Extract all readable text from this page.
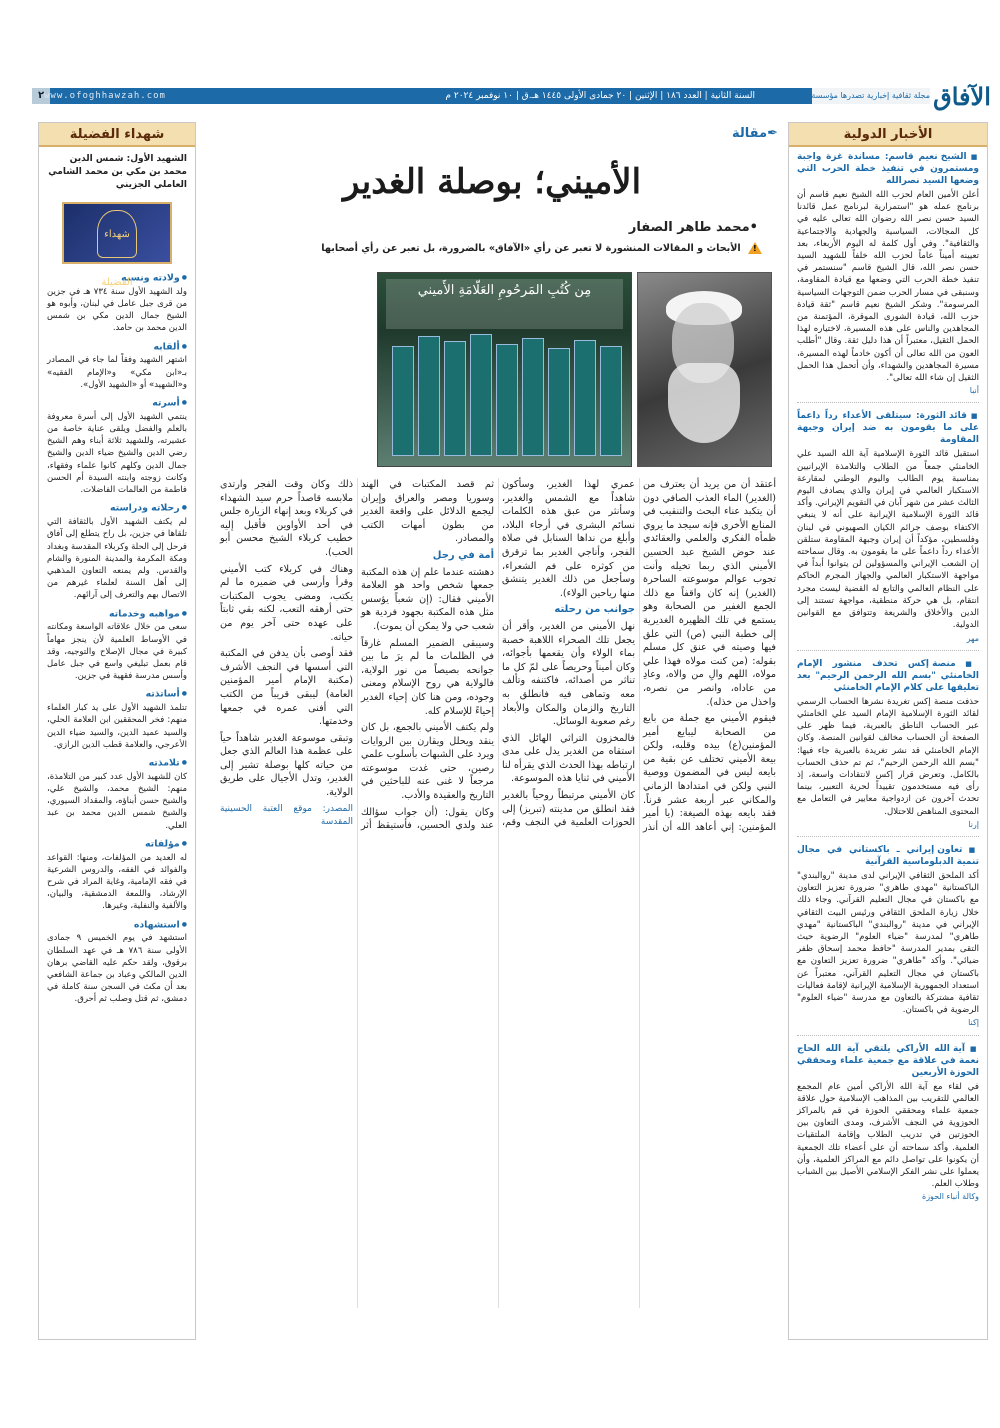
الآفاق
مجلة ثقافية إخبارية تصدرها مؤسسة الحوزة الدينية
السنة الثانية | العدد ١٨٦ | الإثنين | ٢٠ جمادى الأولى ١٤٤٥ هـ.ق | ١٠ نوفمبر ٢٠٢٤ م
٢ www.ofoghhawzah.com
الأخبار الدولية
■ الشيخ نعيم قاسم: مساندة غزة واجبة ومستمرون في تنفيذ خطة الحرب التي وضعها السيد نصرالله
أعلن الأمين العام لحزب الله الشيخ نعيم قاسم أن برنامج عمله هو "استمرارية لبرنامج عمل قائدنا السيد حسن نصر الله رضوان الله تعالى عليه في كل المجالات، السياسية والجهادية والاجتماعية والثقافية". وفي أول كلمة له اليوم الأربعاء، بعد تعيينه أميناً عاماً لحزب الله خلفاً للشهيد السيد حسن نصر الله، قال الشيخ قاسم "سنستمر في تنفيذ خطة الحرب التي وضعها مع قيادة المقاومة، وسنبقى في مسار الحرب ضمن التوجهات السياسية المرسومة". وشكر الشيخ نعيم قاسم "ثقة قيادة حزب الله، قيادة الشورى الموقرة، المؤتمنة من المجاهدين والناس على هذه المسيرة، لاختياره لهذا الحمل الثقيل، معتبراً أن هذا دليل ثقة. وقال "أطلب العون من الله تعالى أن أكون خادماً لهذه المسيرة، مسيرة المجاهدين والشهداء، وأن أتحمل هذا الحمل الثقيل إن شاء الله تعالى".
أنبا
■ قائد الثورة: سيتلقى الأعداء رداً داعماً على ما يقومون به ضد إيران وجبهة المقاومة
استقبل قائد الثورة الإسلامية آية الله السيد علي الخامنئي جمعاً من الطلاب والتلامذة الإيرانيين بمناسبة يوم الطالب واليوم الوطني لمقارعة الاستكبار العالمي في إيران والذي يصادف اليوم الثالث عشر من شهر آبان في التقويم الإيراني. وأكد قائد الثورة الإسلامية الإيرانية على أنه لا ينبغي الاكتفاء بوصف جرائم الكيان الصهيوني في لبنان وفلسطين، مؤكداً أن إيران وجبهة المقاومة ستلقن الأعداء رداً داعماً على ما يقومون به. وقال سماحته إن الشعب الإيراني والمسؤولين لن يتوانوا أبداً في مواجهة الاستكبار العالمي والجهاز المجرم الحاكم على النظام العالمي والتابع له القضية ليست مجرد انتقام، بل هي حركة منطقية، مواجهة تستند إلى الدين والأخلاق والشريعة وتتوافق مع القوانين الدولية.
مهر
■ منصة إكس تحذف منشور الإمام الخامنئي "بسم الله الرحمن الرحيم" بعد تعليقها على كلام الإمام الخامنئي
حذفت منصة إكس تغريدة نشرها الحساب الرسمي لقائد الثورة الإسلامية الإمام السيد علي الخامنئي عبر الحساب الناطق بالعبرية، فيما ظهر على الصفحة أن الحساب مخالف لقوانين المنصة. وكان الإمام الخامنئي قد نشر تغريدة بالعبرية جاء فيها: "بسم الله الرحمن الرحيم"، ثم تم حذف الحساب بالكامل. وتعرض قرار إكس لانتقادات واسعة، إذ رأى فيه مستخدمون تقييداً لحرية التعبير، بينما تحدث آخرون عن ازدواجية معايير في التعامل مع المحتوى المناهض للاحتلال.
إرنا
■ تعاون إيراني ـ باكستاني في مجال تنمية الدبلوماسية القرآنية
أكد الملحق الثقافي الإيراني لدى مدينة "روالبندي" الباكستانية "مهدي طاهري" ضرورة تعزيز التعاون مع باكستان في مجال التعليم القرآني. وجاء ذلك خلال زيارة الملحق الثقافي ورئيس البيت الثقافي الإيراني في مدينة "روالبندي" الباكستانية "مهدي طاهري" لمدرسة "ضياء العلوم" الرضوية حيث التقى بمدير المدرسة "حافظ محمد إسحاق ظفر ضيائي". وأكد "طاهري" ضرورة تعزيز التعاون مع باكستان في مجال التعليم القرآني، معتبراً عن استعداد الجمهورية الإسلامية الإيرانية لإقامة فعاليات ثقافية مشتركة بالتعاون مع مدرسة "ضياء العلوم" الرضوية في باكستان.
إكنا
■ آية الله الأراكي يلتقي آية الله الحاج نعمة في علاقة مع جمعية علماء ومحققي الحوزة الأربعين
في لقاء مع آية الله الأراكي أمين عام المجمع العالمي للتقريب بين المذاهب الإسلامية حول علاقة جمعية علماء ومحققي الحوزة في قم بالمراكز الحوزوية في النجف الأشرف، ومدى التعاون بين الحوزتين في تدريب الطلاب وإقامة الملتقيات العلمية. وأكد سماحته أن على أعضاء تلك الجمعية أن يكونوا على تواصل دائم مع المراكز العلمية، وأن يعملوا على نشر الفكر الإسلامي الأصيل بين الشباب وطلاب العلم.
وكالة أنباء الحوزة
✒مقالة
الأميني؛ بوصلة الغدير
•محمد طاهر الصفار
! الأبحاث و المقالات المنشورة لا تعبر عن رأي «الآفاق» بالضرورة، بل تعبر عن رأي أصحابها
مِن كُتُبِ المَرحُومِ العَلّامَةِ الأَميني

أعتقد أن من يريد أن يعترف من (الغدير) الماء العذب الصافي دون أن يتكبد عناء البحث والتنقيب في المنابع الأخرى فإنه سيجد ما يروي ظمأه الفكري والعلمي والعقائدي عند حوض الشيخ عبد الحسين الأميني الذي ربما تخيله وأنت تجوب عوالم موسوعته الساحرة (الغدير) إنه كان واقفاً مع ذلك الجمع الغفير من الصحابة وهو يستمع في تلك الظهيرة الغديرية إلى خطبة النبي (ص) التي علق فيها وصيته في عنق كل مسلم بقوله: (من كنت مولاه فهذا علي مولاه، اللهم والِ من والاه، وعادِ من عاداه، وانصر من نصره، واخذل من خذله).

فيقوم الأميني مع جملة من بايع من الصحابة ليبايع أمير المؤمنين(ع) بيده وقلبه، ولكن بيعة الأميني تختلف عن بقية من بايعه ليس في المضمون ووصية النبي ولكن في امتدادها الزماني والمكاني عبر أربعة عشر قرناً. فقد بايعه بهذه الصيغة: (يا أمير المؤمنين: إني أعاهد الله أن أنذر عمري لهذا الغدير، وسأكون شاهداً مع الشمس والغدير، وسأنثر من عبق هذه الكلمات نسائم البشرى في أرجاء البلاد، وأبلغ من نداها السنابل في صلاة الفجر، وأناجي الغدير بما ترقرق من كوثره على فم الشعراء، وسأجعل من ذلك الغدير يتنشق منها رياحين الولاء).

جوانب من رحلته

نهل الأميني من الغدير، وأقر أن يجعل تلك الصحراء اللاهبة خصبة بماء الولاء وأن يقعمها بأجوائه، وكان أميناً وحريصاً على لمّ كل ما تناثر من أصدائه، فاكتنفه وتألف معه وتماهى فيه فانطلق به التاريخ والزمان والمكان والأبعاد رغم صعوبة الوسائل.

فالمخزون التراثي الهائل الذي استقاه من الغدير يدل على مدى ارتباطه بهذا الحدث الذي يقرأه لنا الأميني في ثنايا هذه الموسوعة.

كان الأميني مرتبطاً روحياً بالغدير فقد انطلق من مدينته (تبريز) إلى الحوزات العلمية في النجف وقم، ثم قصد المكتبات في الهند وسوريا ومصر والعراق وإيران ليجمع الدلائل على واقعة الغدير من بطون أمهات الكتب والمصادر.

أمة في رجل

دهشته عندما علم إن هذه المكتبة جمعها شخص واحد هو العلامة الأميني فقال: (إن شعباً يؤسس مثل هذه المكتبة بجهود فردية هو شعب حي ولا يمكن أن يموت).

وسيبقى الضمير المسلم غارقاً في الظلمات ما لم يرَ ما بين جوانحه بصيصاً من نور الولاية، فالولاية هي روح الإسلام ومعنى وجوده، ومن هنا كان إحياء الغدير إحياءً للإسلام كله.

ولم يكتف الأميني بالجمع، بل كان ينقد ويحلل ويقارن بين الروايات ويرد على الشبهات بأسلوب علمي رصين، حتى غدت موسوعته مرجعاً لا غنى عنه للباحثين في التاريخ والعقيدة والأدب.

وكان يقول: (أن جواب سؤالك عند ولدي الحسين، فأستيقظ أثر ذلك وكان وقت الفجر وارتدى ملابسه قاصداً حرم سيد الشهداء في كربلاء وبعد إنهاء الزيارة جلس في أحد الأواوين فأقبل إليه خطيب كربلاء الشيخ محسن أبو الحب).

وهناك في كربلاء كتب الأميني وقرأ وأرسى في ضميره ما لم يكتب، ومضى يجوب المكتبات حتى أرهقه التعب، لكنه بقي ثابتاً على عهده حتى آخر يوم من حياته.

فقد أوصى بأن يدفن في المكتبة التي أسسها في النجف الأشرف (مكتبة الإمام أمير المؤمنين العامة) ليبقى قريباً من الكتب التي أفنى عمره في جمعها وخدمتها.

وتبقى موسوعة الغدير شاهداً حياً على عظمة هذا العالم الذي جعل من حياته كلها بوصلة تشير إلى الغدير، وتدل الأجيال على طريق الولاية.

المصدر: موقع العتبة الحسينية المقدسة

شهداء الفضيلة
الشهيد الأول: شمس الدين محمد بن مكي بن محمد الشامي العاملي الجزيني
شهداء الفضيلة
● ولادته ونسبه
ولد الشهيد الأول سنة ٧٣٤ هـ في جزين من قرى جبل عامل في لبنان، وأبوه هو الشيخ جمال الدين مكي بن شمس الدين محمد بن حامد.
● ألقابه
اشتهر الشهيد وفقاً لما جاء في المصادر بـ«ابن مكي» و«الإمام الفقيه» و«الشهيد» أو «الشهيد الأول».
● أسرته
ينتمي الشهيد الأول إلى أسرة معروفة بالعلم والفضل ويلقى عناية خاصة من عشيرته، وللشهيد ثلاثة أبناء وهم الشيخ رضي الدين والشيخ ضياء الدين والشيخ جمال الدين وكلهم كانوا علماء وفقهاء، وكانت زوجته وابنته السيدة أم الحسن فاطمة من العالمات الفاضلات.
● رحلاته ودراسته
لم يكتف الشهيد الأول بالثقافة التي تلقاها في جزين، بل راح يتطلع إلى آفاق فرحل إلى الحلة وكربلاء المقدسة وبغداد ومكة المكرمة والمدينة المنورة والشام والقدس. ولم يمنعه التعاون المذهبي إلى أهل السنة لعلماء غيرهم من الاتصال بهم والتعرف إلى آرائهم.
● مواهبه وخدماته
سعى من خلال علاقاته الواسعة ومكانته في الأوساط العلمية لأن ينجز مهاماً كبيرة في مجال الإصلاح والتوجيه، وقد قام بعمل تبليغي واسع في جبل عامل وأسس مدرسة فقهية في جزين.
● أساتذته
تتلمذ الشهيد الأول على يد كبار العلماء منهم: فخر المحققين ابن العلامة الحلي، والسيد عميد الدين، والسيد ضياء الدين الأعرجي، والعلامة قطب الدين الرازي.
● تلامذته
كان للشهيد الأول عدد كبير من التلامذة، منهم: الشيخ محمد، والشيخ علي، والشيخ حسن أبناؤه، والمقداد السيوري، والشيخ شمس الدين محمد بن عبد العلي.
● مؤلفاته
له العديد من المؤلفات، ومنها: القواعد والفوائد في الفقه، والدروس الشرعية في فقه الإمامية، وغاية المراد في شرح الإرشاد، واللمعة الدمشقية، والبيان، والألفية والنفلية، وغيرها.
● استشهاده
استشهد في يوم الخميس ٩ جمادى الأولى سنة ٧٨٦ هـ في عهد السلطان برقوق، ولقد حكم عليه القاضي برهان الدين المالكي وعباد بن جماعة الشافعي بعد أن مكث في السجن سنة كاملة في دمشق، ثم قتل وصلب ثم أحرق.
